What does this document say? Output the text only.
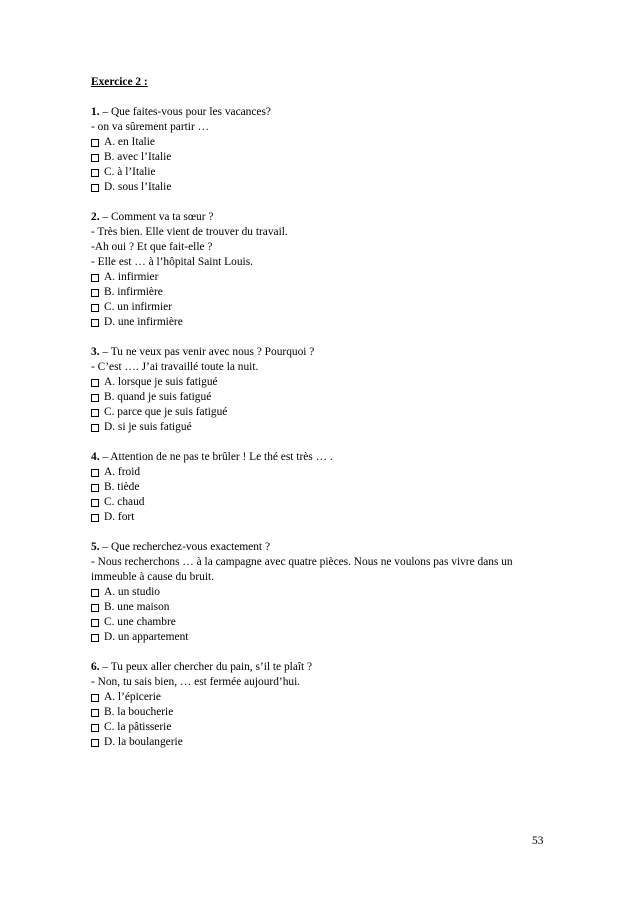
Exercice 2 :
1. – Que faites-vous pour les vacances?
- on va sûrement partir …
A. en Italie
B. avec l’Italie
C. à l’Italie
D. sous l’Italie
2. – Comment va ta sœur ?
- Très bien. Elle vient de trouver du travail.
-Ah oui ? Et que fait-elle ?
- Elle est … à l’hôpital Saint Louis.
A. infirmier
B. infirmière
C. un infirmier
D. une infirmière
3. – Tu ne veux pas venir avec nous ? Pourquoi ?
- C’est …. J’ai travaillé toute la nuit.
A. lorsque je suis fatigué
B. quand je suis fatigué
C. parce que je suis fatigué
D. si je suis fatigué
4. – Attention de ne pas te brûler ! Le thé est très … .
A. froid
B. tiède
C. chaud
D. fort
5. – Que recherchez-vous exactement ?
- Nous recherchons … à la campagne avec quatre pièces. Nous ne voulons pas vivre dans un immeuble à cause du bruit.
A. un studio
B. une maison
C. une chambre
D. un appartement
6. – Tu peux aller chercher du pain, s’il te plaît ?
- Non, tu sais bien, … est fermée aujourd’hui.
A. l’épicerie
B. la boucherie
C. la pâtisserie
D. la boulangerie
53
